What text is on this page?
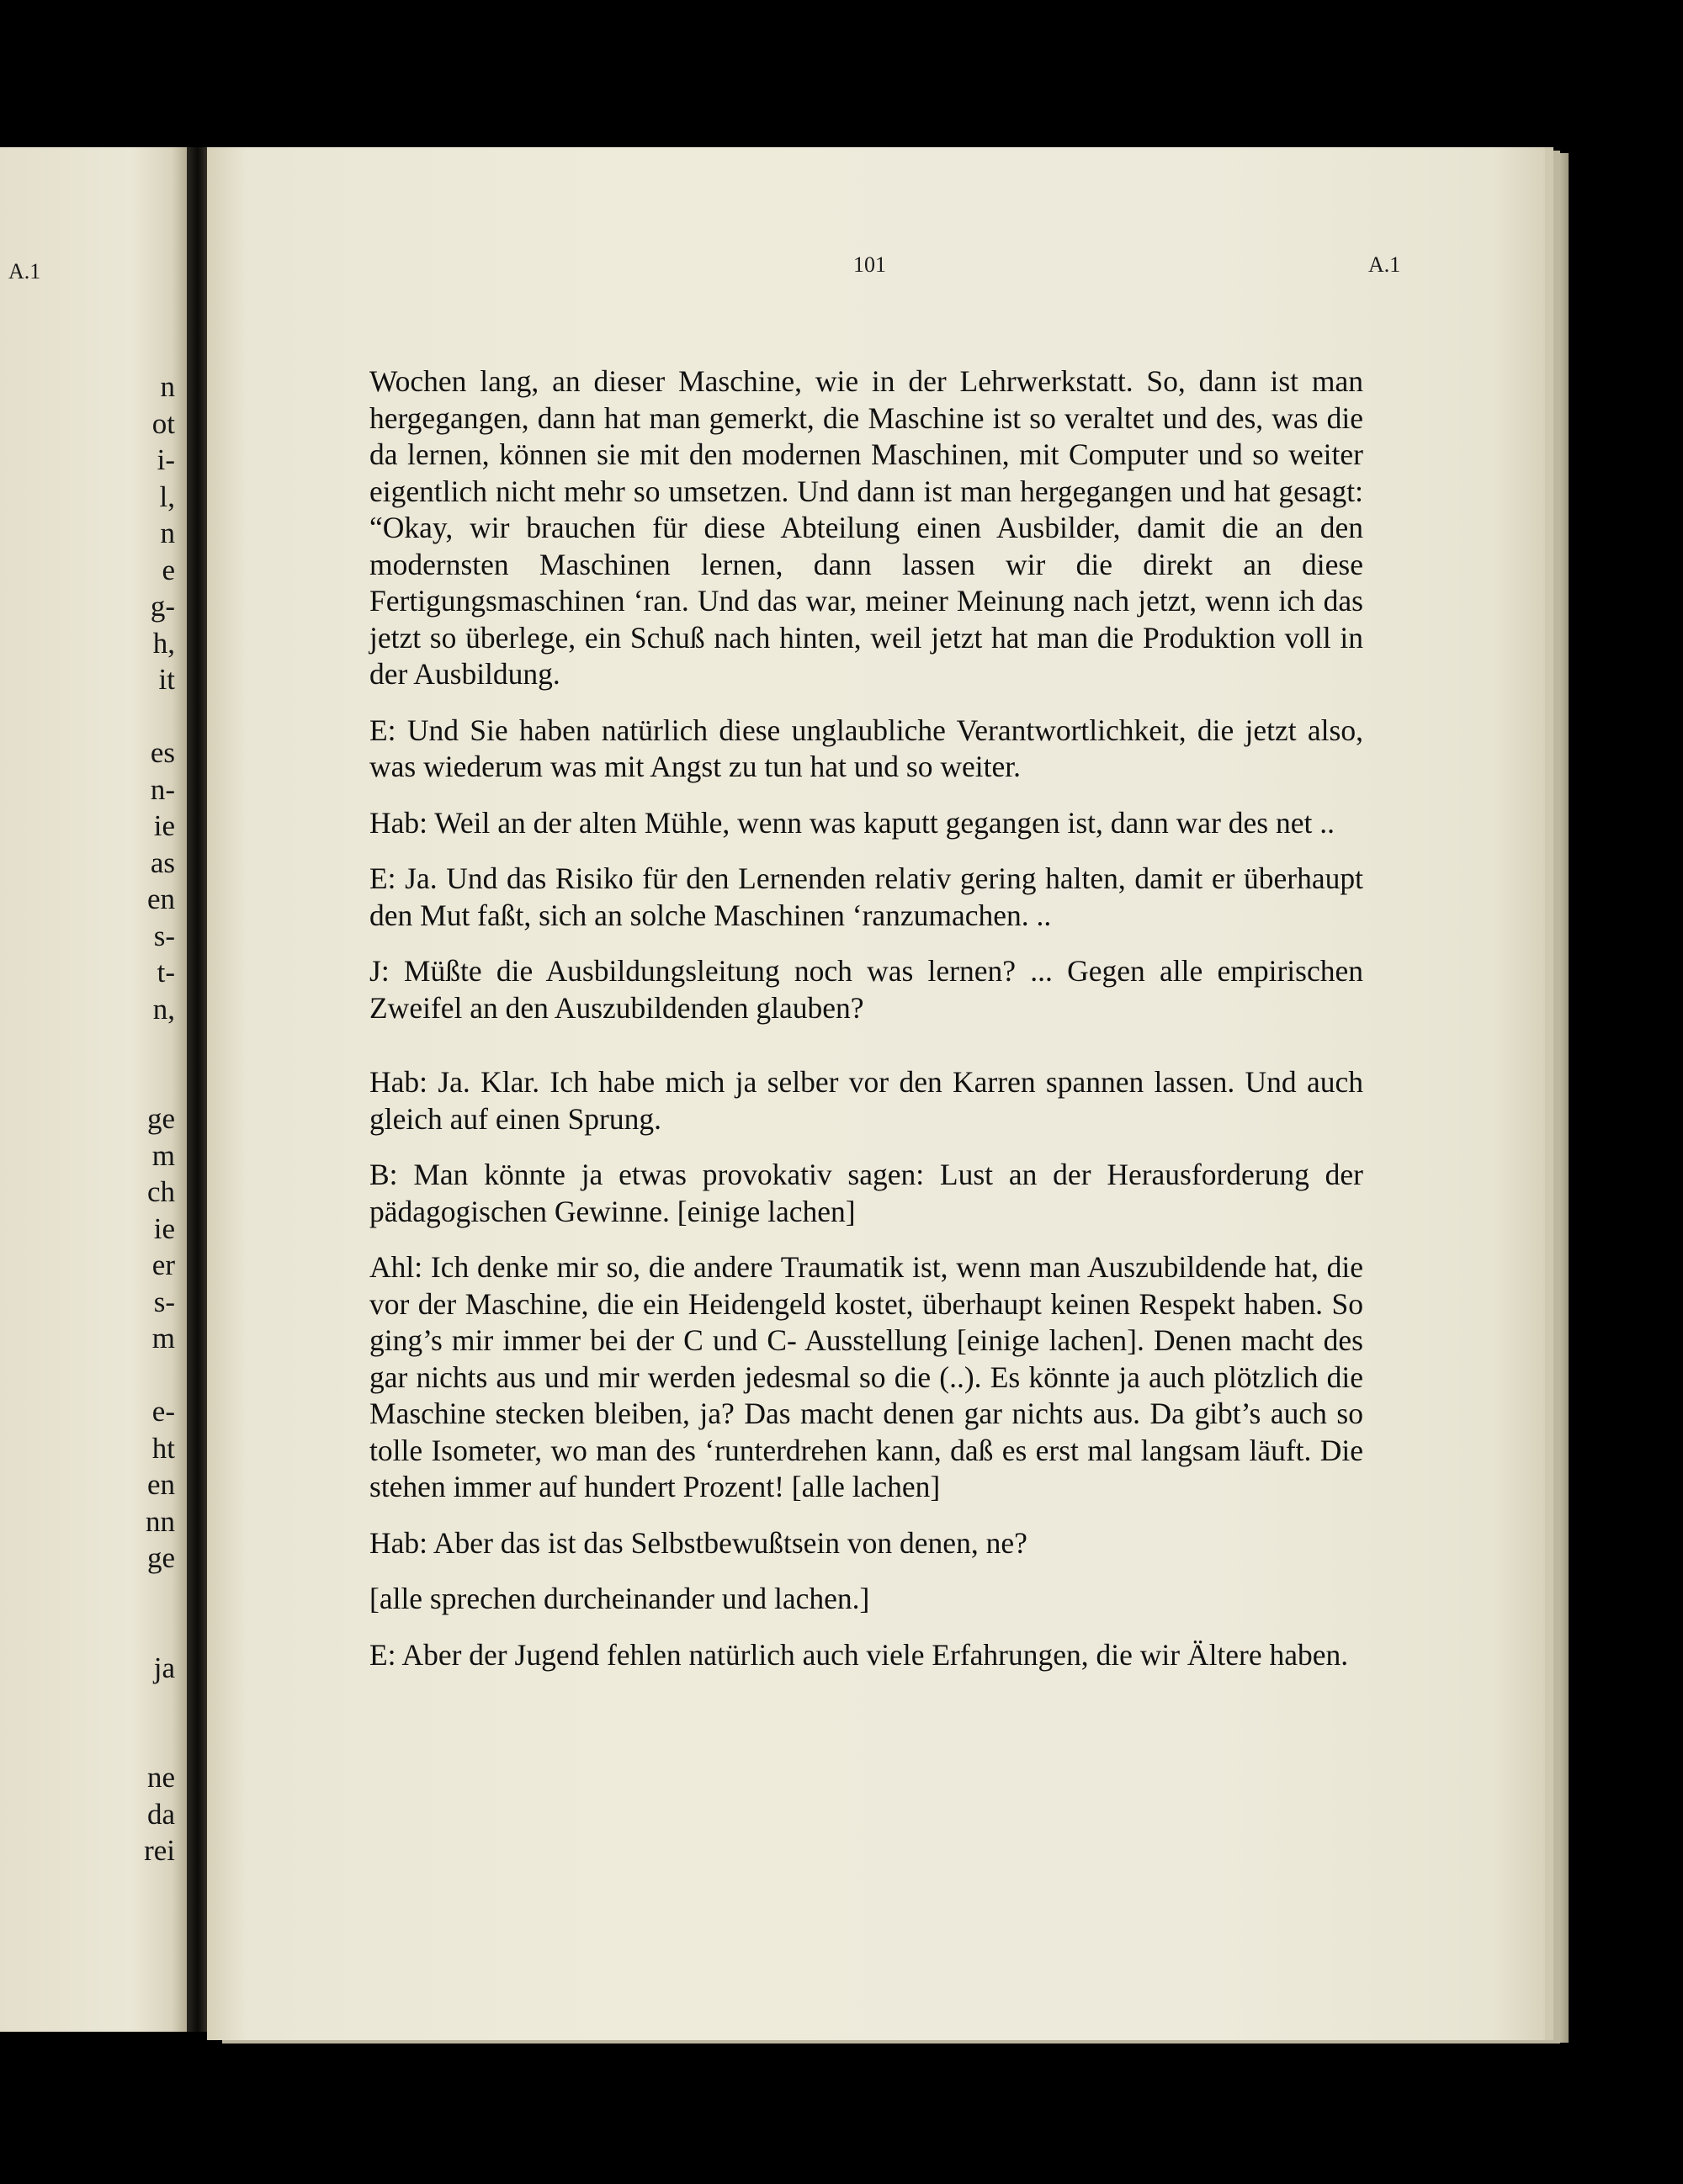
A.1
n
ot
i-
l,
n
e
g-
h,
it
es
n-
ie
as
en
s-
t-
n,
ge
m
ch
ie
er
s-
m
e-
ht
en
nn
ge
ja
ne
da
rei
101	A.1

Wochen lang, an dieser Maschine, wie in der Lehrwerkstatt. So, dann ist man hergegangen, dann hat man gemerkt, die Maschine ist so veraltet und des, was die da lernen, können sie mit den modernen Maschinen, mit Computer und so weiter eigentlich nicht mehr so umsetzen. Und dann ist man hergegangen und hat gesagt: “Okay, wir brauchen für diese Abteilung einen Ausbilder, damit die an den modernsten Maschinen lernen, dann lassen wir die direkt an diese Fertigungsmaschinen ‘ran. Und das war, meiner Meinung nach jetzt, wenn ich das jetzt so überlege, ein Schuß nach hinten, weil jetzt hat man die Produktion voll in der Ausbildung.

E: Und Sie haben natürlich diese unglaubliche Verantwortlichkeit, die jetzt also, was wiederum was mit Angst zu tun hat und so weiter.

Hab: Weil an der alten Mühle, wenn was kaputt gegangen ist, dann war des net ..

E: Ja. Und das Risiko für den Lernenden relativ gering halten, damit er überhaupt den Mut faßt, sich an solche Maschinen ‘ranzumachen. ..

J: Müßte die Ausbildungsleitung noch was lernen? ... Gegen alle empirischen Zweifel an den Auszubildenden glauben?

Hab: Ja. Klar. Ich habe mich ja selber vor den Karren spannen lassen. Und auch gleich auf einen Sprung.

B: Man könnte ja etwas provokativ sagen: Lust an der Herausforderung der pädagogischen Gewinne. [einige lachen]

Ahl: Ich denke mir so, die andere Traumatik ist, wenn man Auszubildende hat, die vor der Maschine, die ein Heidengeld kostet, überhaupt keinen Respekt haben. So ging’s mir immer bei der C und C- Ausstellung [einige lachen]. Denen macht des gar nichts aus und mir werden jedesmal so die (..). Es könnte ja auch plötzlich die Maschine stecken bleiben, ja? Das macht denen gar nichts aus. Da gibt’s auch so tolle Isometer, wo man des ‘runterdrehen kann, daß es erst mal langsam läuft. Die stehen immer auf hundert Prozent! [alle lachen]

Hab: Aber das ist das Selbstbewußtsein von denen, ne?

[alle sprechen durcheinander und lachen.]

E: Aber der Jugend fehlen natürlich auch viele Erfahrungen, die wir Ältere haben.
